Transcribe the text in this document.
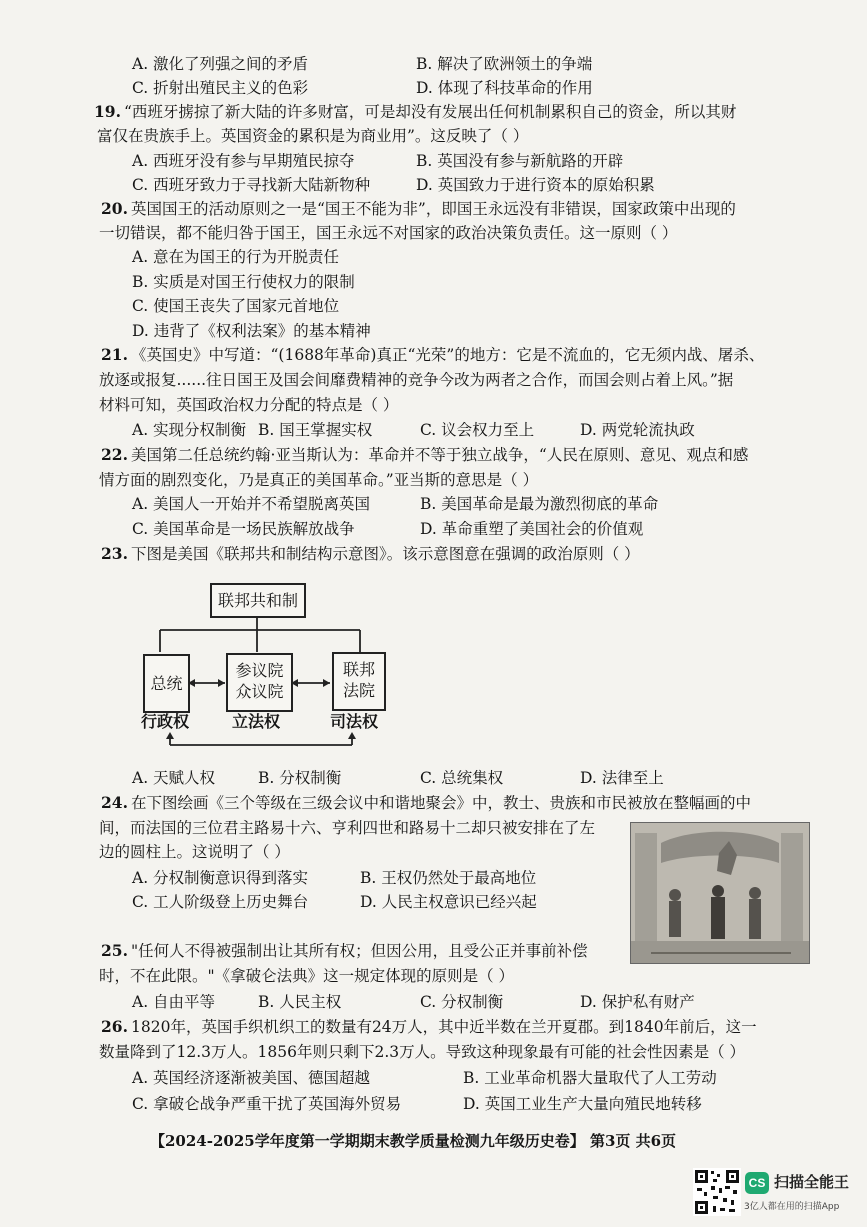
A. 激化了列强之间的矛盾	B. 解决了欧洲领土的争端
C. 折射出殖民主义的色彩	D. 体现了科技革命的作用
19. “西班牙掳掠了新大陆的许多财富，可是却没有发展出任何机制累积自己的资金，所以其财
富仅在贵族手上。英国资金的累积是为商业用”。这反映了（ ）
A. 西班牙没有参与早期殖民掠夺	B. 英国没有参与新航路的开辟
C. 西班牙致力于寻找新大陆新物种	D. 英国致力于进行资本的原始积累
20. 英国国王的活动原则之一是“国王不能为非”，即国王永远没有非错误，国家政策中出现的
一切错误，都不能归咎于国王，国王永远不对国家的政治决策负责任。这一原则（ ）
A. 意在为国王的行为开脱责任
B. 实质是对国王行使权力的限制
C. 使国王丧失了国家元首地位
D. 违背了《权利法案》的基本精神
21. 《英国史》中写道：“(1688年革命)真正“光荣”的地方：它是不流血的，它无须内战、屠杀、
放逐或报复......往日国王及国会间靡费精神的竞争今改为两者之合作，而国会则占着上风。”据
材料可知，英国政治权力分配的特点是（ ）
A. 实现分权制衡 B. 国王掌握实权	C. 议会权力至上	D. 两党轮流执政
22. 美国第二任总统约翰·亚当斯认为：革命并不等于独立战争，“人民在原则、意见、观点和感
情方面的剧烈变化，乃是真正的美国革命。”亚当斯的意思是（ ）
A. 美国人一开始并不希望脱离英国	B. 美国革命是最为激烈彻底的革命
C. 美国革命是一场民族解放战争	D. 革命重塑了美国社会的价值观
23. 下图是美国《联邦共和制结构示意图》。该示意图意在强调的政治原则（ ）
联邦共和制
总统
参议院
众议院
联邦
法院
行政权	立法权	司法权
A. 天赋人权	B. 分权制衡	C. 总统集权	D. 法律至上
24. 在下图绘画《三个等级在三级会议中和谐地聚会》中，教士、贵族和市民被放在整幅画的中
间，而法国的三位君主路易十六、亨利四世和路易十二却只被安排在了左
边的圆柱上。这说明了（ ）
A. 分权制衡意识得到落实	B. 王权仍然处于最高地位
C. 工人阶级登上历史舞台	D. 人民主权意识已经兴起
25. "任何人不得被强制出让其所有权；但因公用，且受公正并事前补偿
时，不在此限。"《拿破仑法典》这一规定体现的原则是（ ）
A. 自由平等	B. 人民主权	C. 分权制衡	D. 保护私有财产
26. 1820年，英国手织机织工的数量有24万人，其中近半数在兰开夏郡。到1840年前后，这一
数量降到了12.3万人。1856年则只剩下2.3万人。导致这种现象最有可能的社会性因素是（ ）
A. 英国经济逐渐被美国、德国超越	B. 工业革命机器大量取代了人工劳动
C. 拿破仑战争严重干扰了英国海外贸易	D. 英国工业生产大量向殖民地转移
【2024-2025学年度第一学期期末教学质量检测九年级历史卷】 第3页 共6页
CS 扫描全能王
3亿人都在用的扫描App
